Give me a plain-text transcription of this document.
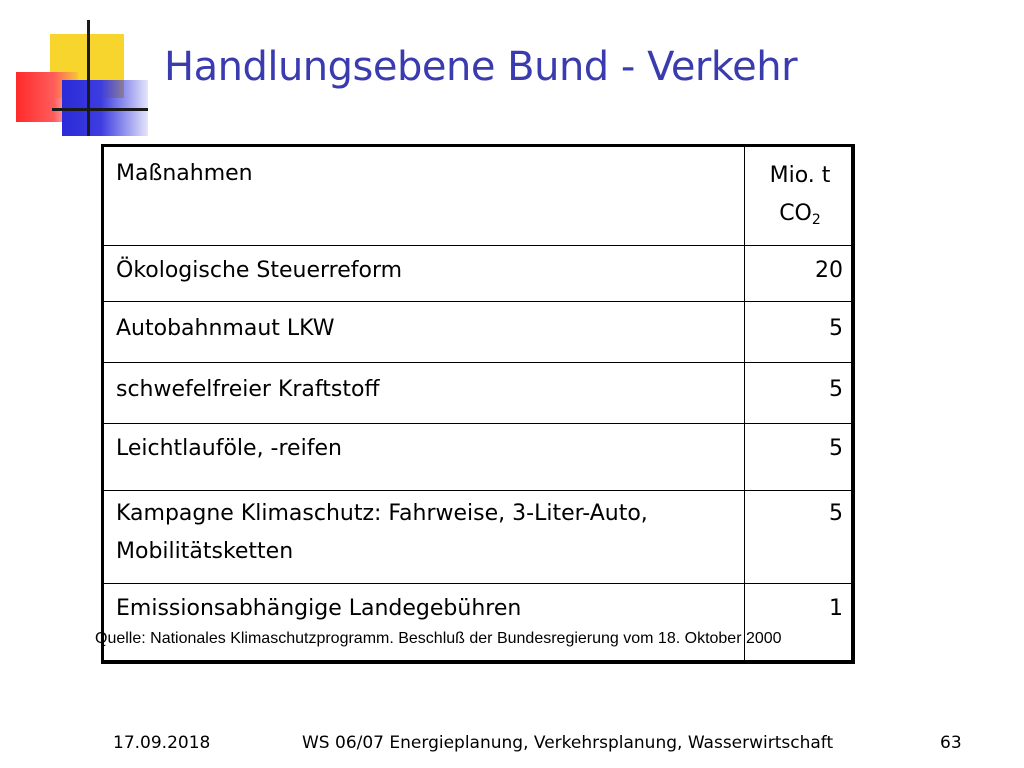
Handlungsebene Bund - Verkehr
Maßnahmen	Mio. t
$CO_2$
Ökologische Steuerreform	20
Autobahnmaut LKW	5
schwefelfreier Kraftstoff	5
Leichtlauföle, -reifen	5
Kampagne Klimaschutz: Fahrweise, 3-Liter-Auto, Mobilitätsketten	5
Emissionsabhängige Landegebühren	1
Quelle: Nationales Klimaschutzprogramm. Beschluß der Bundesregierung vom 18. Oktober 2000
17.09.2018	WS 06/07 Energieplanung, Verkehrsplanung, Wasserwirtschaft	63
